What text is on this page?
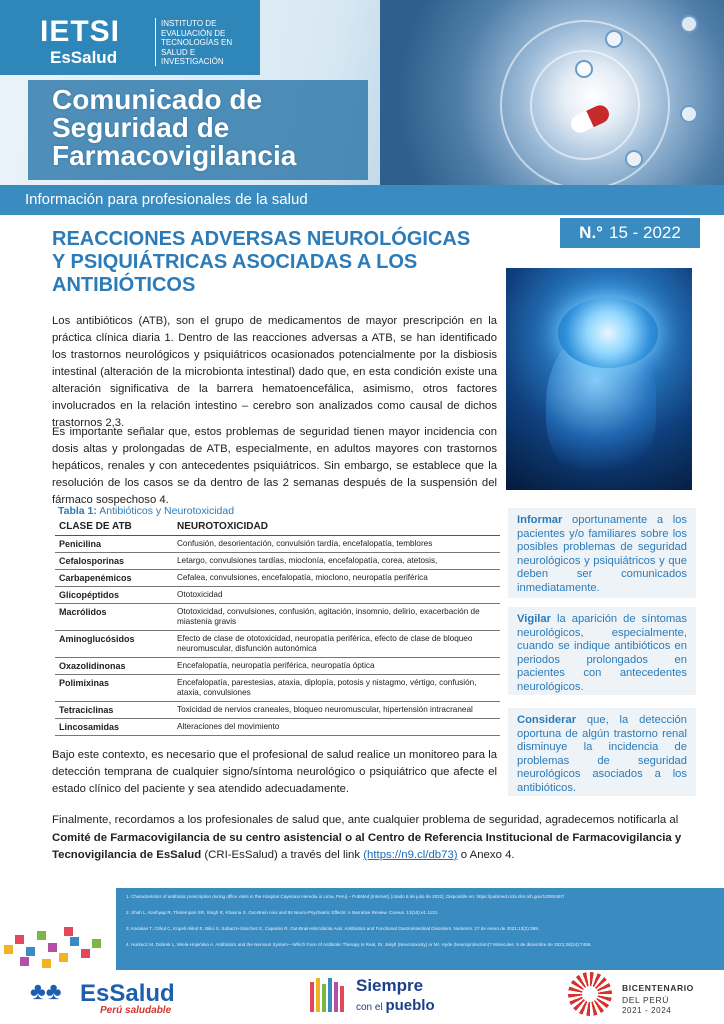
IETSI
EsSalud
INSTITUTO DE EVALUACIÓN DE TECNOLOGÍAS EN SALUD E INVESTIGACIÓN
Comunicado de Seguridad de Farmacovigilancia
Información para profesionales de la salud
N.° 15 - 2022
REACCIONES ADVERSAS NEUROLÓGICAS Y PSIQUIÁTRICAS ASOCIADAS A LOS ANTIBIÓTICOS

Los antibióticos (ATB), son el grupo de medicamentos de mayor prescripción en la práctica clínica diaria 1. Dentro de las reacciones adversas a ATB, se han identificado los trastornos neurológicos y psiquiátricos ocasionados potencialmente por la disbiosis intestinal (alteración de la microbionta intestinal) dado que, en esta condición existe una alteración significativa de la barrera hematoencefálica, asimismo, otros factores involucrados en la relación intestino – cerebro son analizados como causal de dichos trastornos 2,3.

Es importante señalar que, estos problemas de seguridad tienen mayor incidencia con dosis altas y prolongadas de ATB, especialmente, en adultos mayores con trastornos hepáticos, renales y con antecedentes psiquiátricos. Sin embargo, se establece que la resolución de los casos se da dentro de las 2 semanas después de la suspensión del fármaco sospechoso 4.

Tabla 1: Antibióticos y Neurotoxicidad
CLASE DE ATB	NEUROTOXICIDAD
Penicilina	Confusión, desorientación, convulsión tardía, encefalopatía, temblores
Cefalosporinas	Letargo, convulsiones tardías, mioclonía, encefalopatía, corea, atetosis,
Carbapenémicos	Cefalea, convulsiones, encefalopatía, mioclono, neuropatía periférica
Glicopéptidos	Ototoxicidad
Macrólidos	Ototoxicidad, convulsiones, confusión, agitación, insomnio, delirio, exacerbación de miastenia gravis
Aminoglucósidos	Efecto de clase de ototoxicidad, neuropatía periférica, efecto de clase de bloqueo neuromuscular, disfunción autonómica
Oxazolidinonas	Encefalopatía, neuropatía periférica, neuropatía óptica
Polimixinas	Encefalopatía, parestesias, ataxia, diplopía, potosis y nistagmo, vértigo, confusión, ataxia, convulsiones
Tetraciclinas	Toxicidad de nervios craneales, bloqueo neuromuscular, hipertensión intracraneal
Lincosamidas	Alteraciones del movimiento
Informar oportunamente a los pacientes y/o familiares sobre los posibles problemas de seguridad neurológicos y psiquiátricos y que deben ser comunicados inmediatamente.
Vigilar la aparición de síntomas neurológicos, especialmente, cuando se indique antibióticos en periodos prolongados en pacientes con antecedentes neurológicos.
Considerar que, la detección oportuna de algún trastorno renal disminuye la incidencia de problemas de seguridad neurológicos asociados a los antibióticos.

Bajo este contexto, es necesario que el profesional de salud realice un monitoreo para la detección temprana de cualquier signo/síntoma neurológico o psiquiátrico que afecte el estado clínico del paciente y sea atendido adecuadamente.

Finalmente, recordamos a los profesionales de salud que, ante cualquier problema de seguridad, agradecemos notificarla al Comité de Farmacovigilancia de su centro asistencial o al Centro de Referencia Institucional de Farmacovigilancia y Tecnovigilancia de EsSalud (CRI-EsSalud) a través del link (https://n9.cl/db73) o Anexo 4.

1. Characteristics of antibiotic prescription during office visits in the Hospital Cayetano Heredia in Lima, Peru] – PubMed [Internet]. [citado 8 de julio de 2022]. Disponible en: https://pubmed.ncbi.nlm.nih.gov/12092467/
2. Shah L, Kashyap R, Thotempari SR, Singh R, Khanna S. Gut-Brain Axis and Its Neuro-Psychiatric Effects: A Narrative Review. Cureus. 13(10):e1 1131.
3. Karakan T, Ozkul C, Küpeli Akkol E, Bilici S, Sobarzo-Sánchez E, Capasso R. Gut-Brain-Microbiota Axis: Antibiotics and Functional Gastrointestinal Disorders. Nutrients. 27 de enero de 2021;13(2):389.
4. Hurkacz M, Dobrek L, Wiela-Hojeńska A. Antibiotics and the Nervous System—Which Face of Antibiotic Therapy Is Real, Dr. Jekyll (Neurotoxicity) or Mr. Hyde (Neuroprotection)? Molecules. 9 de diciembre de 2021;26(24):7456.
♣♣ EsSalud
Perú saludable
Siempre
con el pueblo
BICENTENARIO
DEL PERÚ
2021 - 2024
